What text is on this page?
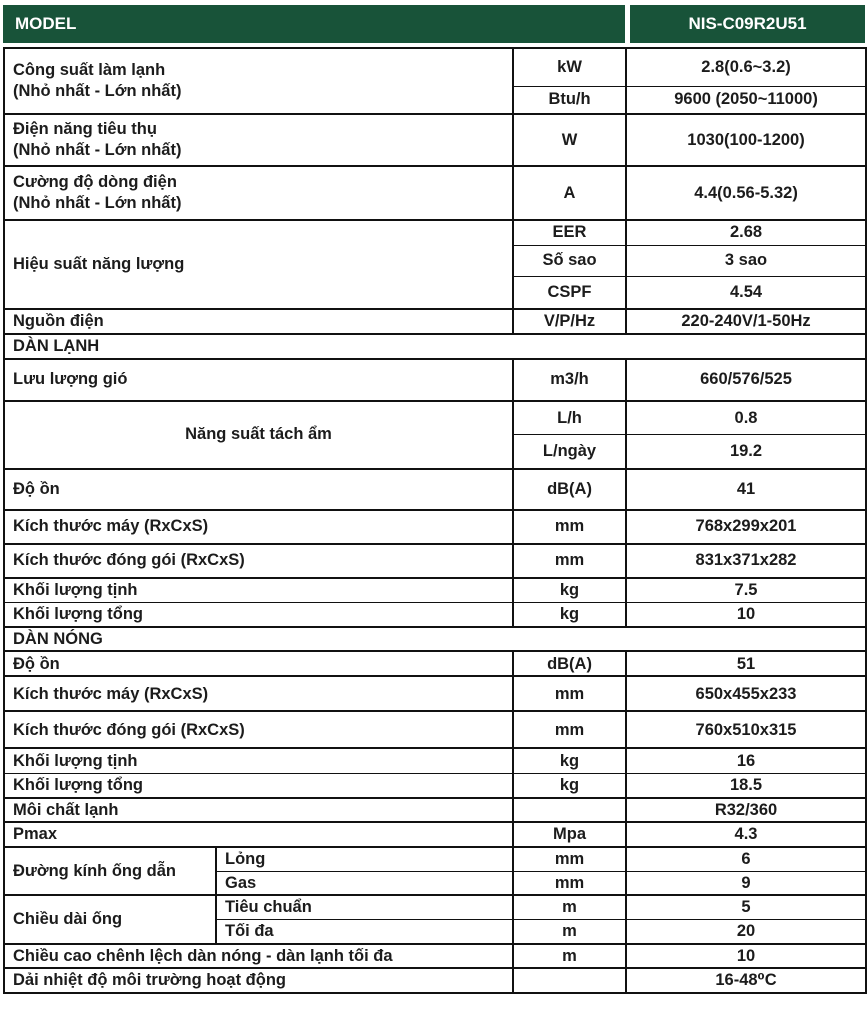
MODEL	NIS-C09R2U51
Công suất làm lạnh
(Nhỏ nhất - Lớn nhất)		kW	2.8(0.6~3.2)
		Btu/h	9600 (2050~11000)

Điện năng tiêu thụ
(Nhỏ nhất - Lớn nhất)		W	1030(100-1200)

Cường độ dòng điện
(Nhỏ nhất - Lớn nhất)		A	4.4(0.56-5.32)
Hiệu suất năng lượng		EER	2.68
		Số sao	3 sao
		CSPF	4.54
Nguồn điện		V/P/Hz	220-240V/1-50Hz
DÀN LẠNH			
Lưu lượng gió		m3/h	660/576/525
Năng suất tách ẩm		L/h	0.8
		L/ngày	19.2
Độ ồn		dB(A)	41
Kích thước máy (RxCxS)		mm	768x299x201
Kích thước đóng gói (RxCxS)		mm	831x371x282
Khối lượng tịnh		kg	7.5
Khối lượng tổng		kg	10
DÀN NÓNG			
Độ ồn		dB(A)	51
Kích thước máy (RxCxS)		mm	650x455x233
Kích thước đóng gói (RxCxS)		mm	760x510x315
Khối lượng tịnh		kg	16
Khối lượng tổng		kg	18.5
Môi chất lạnh			R32/360
Pmax		Mpa	4.3
Đường kính ống dẫn	Lỏng	mm	6
	Gas	mm	9
Chiều dài ống	Tiêu chuẩn	m	5
	Tối đa	m	20
Chiều cao chênh lệch dàn nóng - dàn lạnh tối đa		m	10
Dải nhiệt độ môi trường hoạt động			16-48⁰C
